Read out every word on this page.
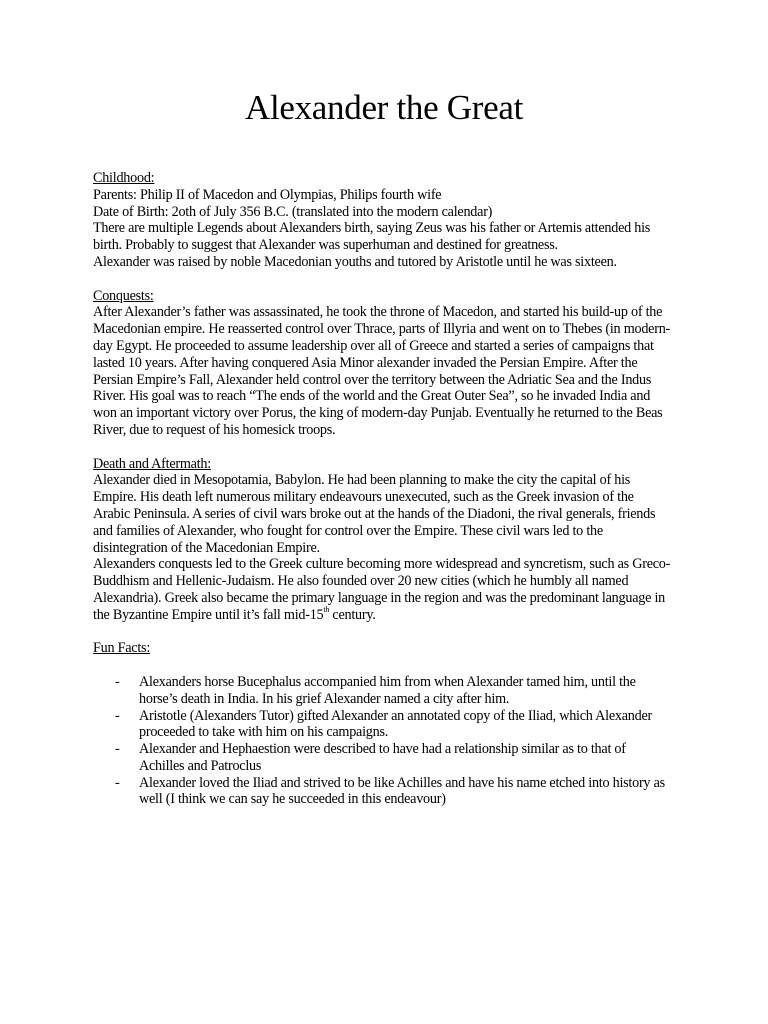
Alexander the Great

Childhood:

Parents: Philip II of Macedon and Olympias, Philips fourth wife

Date of Birth: 2oth of July 356 B.C. (translated into the modern calendar)

There are multiple Legends about Alexanders birth, saying Zeus was his father or Artemis attended his birth. Probably to suggest that Alexander was superhuman and destined for greatness.

Alexander was raised by noble Macedonian youths and tutored by Aristotle until he was sixteen.

Conquests:

After Alexander’s father was assassinated, he took the throne of Macedon, and started his build-up of the Macedonian empire. He reasserted control over Thrace, parts of Illyria and went on to Thebes (in modern-day Egypt. He proceeded to assume leadership over all of Greece and started a series of campaigns that lasted 10 years. After having conquered Asia Minor alexander invaded the Persian Empire. After the Persian Empire’s Fall, Alexander held control over the territory between the Adriatic Sea and the Indus River. His goal was to reach “The ends of the world and the Great Outer Sea”, so he invaded India and won an important victory over Porus, the king of modern-day Punjab. Eventually he returned to the Beas River, due to request of his homesick troops.

Death and Aftermath:

Alexander died in Mesopotamia, Babylon. He had been planning to make the city the capital of his Empire. His death left numerous military endeavours unexecuted, such as the Greek invasion of the Arabic Peninsula. A series of civil wars broke out at the hands of the Diadoni, the rival generals, friends and families of Alexander, who fought for control over the Empire. These civil wars led to the disintegration of the Macedonian Empire.

Alexanders conquests led to the Greek culture becoming more widespread and syncretism, such as Greco-Buddhism and Hellenic-Judaism. He also founded over 20 new cities (which he humbly all named Alexandria). Greek also became the primary language in the region and was the predominant language in the Byzantine Empire until it’s fall mid-15th century.

Fun Facts:

- Alexanders horse Bucephalus accompanied him from when Alexander tamed him, until the horse’s death in India. In his grief Alexander named a city after him.
- Aristotle (Alexanders Tutor) gifted Alexander an annotated copy of the Iliad, which Alexander proceeded to take with him on his campaigns.
- Alexander and Hephaestion were described to have had a relationship similar as to that of Achilles and Patroclus
- Alexander loved the Iliad and strived to be like Achilles and have his name etched into history as well (I think we can say he succeeded in this endeavour)
